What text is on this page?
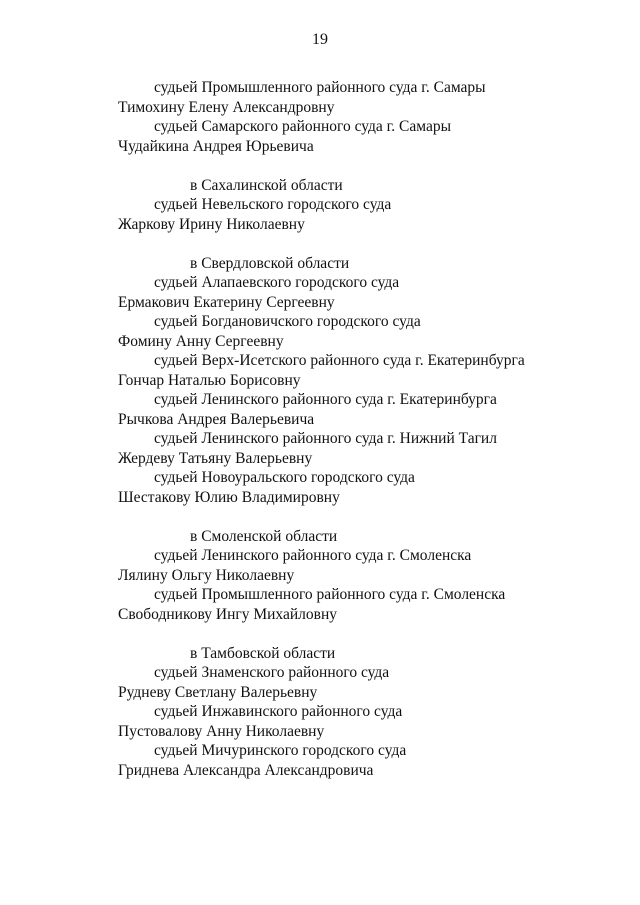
19
судьей Промышленного районного суда г. Самары
Тимохину Елену Александровну
судьей Самарского районного суда г. Самары
Чудайкина Андрея Юрьевича
в Сахалинской области
судьей Невельского городского суда
Жаркову Ирину Николаевну
в Свердловской области
судьей Алапаевского городского суда
Ермакович Екатерину Сергеевну
судьей Богдановичского городского суда
Фомину Анну Сергеевну
судьей Верх-Исетского районного суда г. Екатеринбурга
Гончар Наталью Борисовну
судьей Ленинского районного суда г. Екатеринбурга
Рычкова Андрея Валерьевича
судьей Ленинского районного суда г. Нижний Тагил
Жердеву Татьяну Валерьевну
судьей Новоуральского городского суда
Шестакову Юлию Владимировну
в Смоленской области
судьей Ленинского районного суда г. Смоленска
Лялину Ольгу Николаевну
судьей Промышленного районного суда г. Смоленска
Свободникову Ингу Михайловну
в Тамбовской области
судьей Знаменского районного суда
Рудневу Светлану Валерьевну
судьей Инжавинского районного суда
Пустовалову Анну Николаевну
судьей Мичуринского городского суда
Гриднева Александра Александровича
